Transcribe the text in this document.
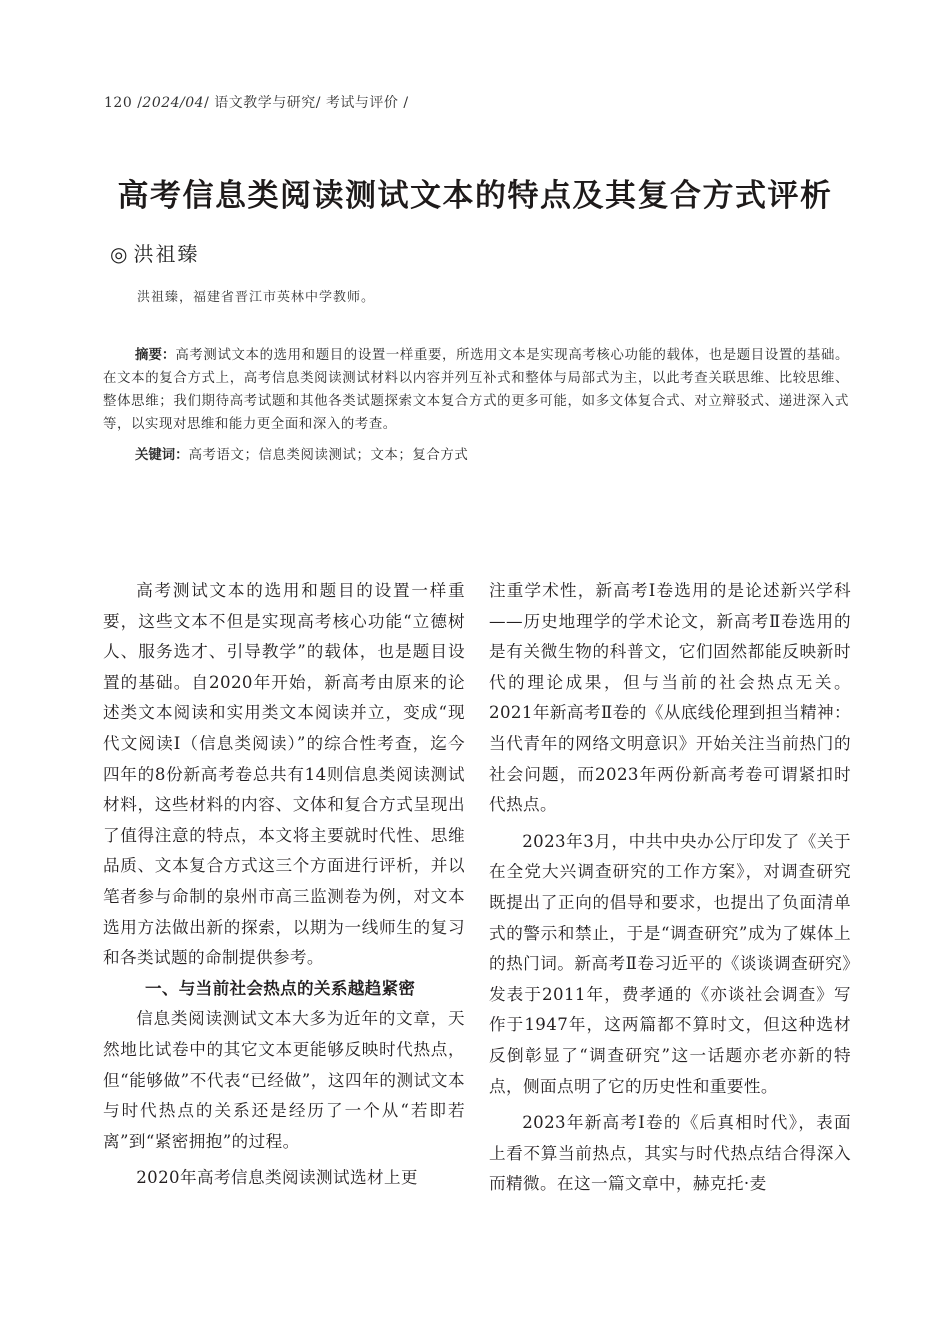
120 /2024/04/ 语文教学与研究/ 考试与评价 /
高考信息类阅读测试文本的特点及其复合方式评析
◎ 洪祖臻
洪祖臻，福建省晋江市英林中学教师。

摘要：高考测试文本的选用和题目的设置一样重要，所选用文本是实现高考核心功能的载体，也是题目设置的基础。在文本的复合方式上，高考信息类阅读测试材料以内容并列互补式和整体与局部式为主，以此考查关联思维、比较思维、整体思维；我们期待高考试题和其他各类试题探索文本复合方式的更多可能，如多文体复合式、对立辩驳式、递进深入式等，以实现对思维和能力更全面和深入的考查。

关键词：高考语文；信息类阅读测试；文本；复合方式

高考测试文本的选用和题目的设置一样重要，这些文本不但是实现高考核心功能“立德树人、服务选才、引导教学”的载体，也是题目设置的基础。自2020年开始，新高考由原来的论述类文本阅读和实用类文本阅读并立，变成“现代文阅读Ⅰ（信息类阅读）”的综合性考查，迄今四年的8份新高考卷总共有14则信息类阅读测试材料，这些材料的内容、文体和复合方式呈现出了值得注意的特点，本文将主要就时代性、思维品质、文本复合方式这三个方面进行评析，并以笔者参与命制的泉州市高三监测卷为例，对文本选用方法做出新的探索，以期为一线师生的复习和各类试题的命制提供参考。

一、与当前社会热点的关系越趋紧密

信息类阅读测试文本大多为近年的文章，天然地比试卷中的其它文本更能够反映时代热点，但“能够做”不代表“已经做”，这四年的测试文本与时代热点的关系还是经历了一个从“若即若离”到“紧密拥抱”的过程。

2020年高考信息类阅读测试选材上更

注重学术性，新高考Ⅰ卷选用的是论述新兴学科——历史地理学的学术论文，新高考Ⅱ卷选用的是有关微生物的科普文，它们固然都能反映新时代的理论成果，但与当前的社会热点无关。2021年新高考Ⅱ卷的《从底线伦理到担当精神：当代青年的网络文明意识》开始关注当前热门的社会问题，而2023年两份新高考卷可谓紧扣时代热点。

2023年3月，中共中央办公厅印发了《关于在全党大兴调查研究的工作方案》，对调查研究既提出了正向的倡导和要求，也提出了负面清单式的警示和禁止，于是“调查研究”成为了媒体上的热门词。新高考Ⅱ卷习近平的《谈谈调查研究》发表于2011年，费孝通的《亦谈社会调查》写作于1947年，这两篇都不算时文，但这种选材反倒彰显了“调查研究”这一话题亦老亦新的特点，侧面点明了它的历史性和重要性。

2023年新高考Ⅰ卷的《后真相时代》，表面上看不算当前热点，其实与时代热点结合得深入而精微。在这一篇文章中，赫克托·麦
